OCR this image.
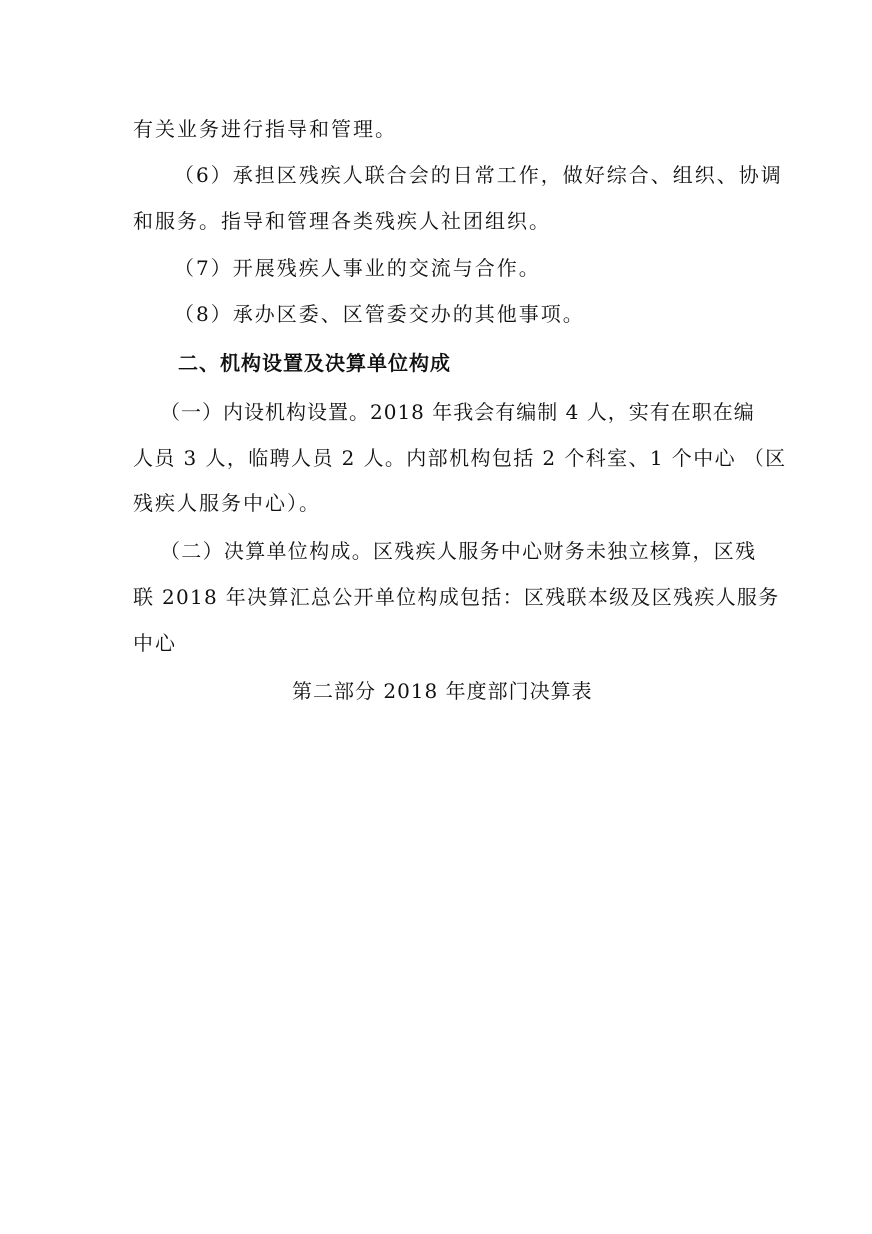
有关业务进行指导和管理。
（6）承担区残疾人联合会的日常工作，做好综合、组织、协调
和服务。指导和管理各类残疾人社团组织。
（7）开展残疾人事业的交流与合作。
（8）承办区委、区管委交办的其他事项。
二、机构设置及决算单位构成
（一）内设机构设置。2018 年我会有编制 4 人，实有在职在编
人员 3 人，临聘人员 2 人。内部机构包括 2 个科室、1 个中心 （区
残疾人服务中心）。
（二）决算单位构成。区残疾人服务中心财务未独立核算，区残
联 2018 年决算汇总公开单位构成包括：区残联本级及区残疾人服务
中心
第二部分 2018 年度部门决算表
